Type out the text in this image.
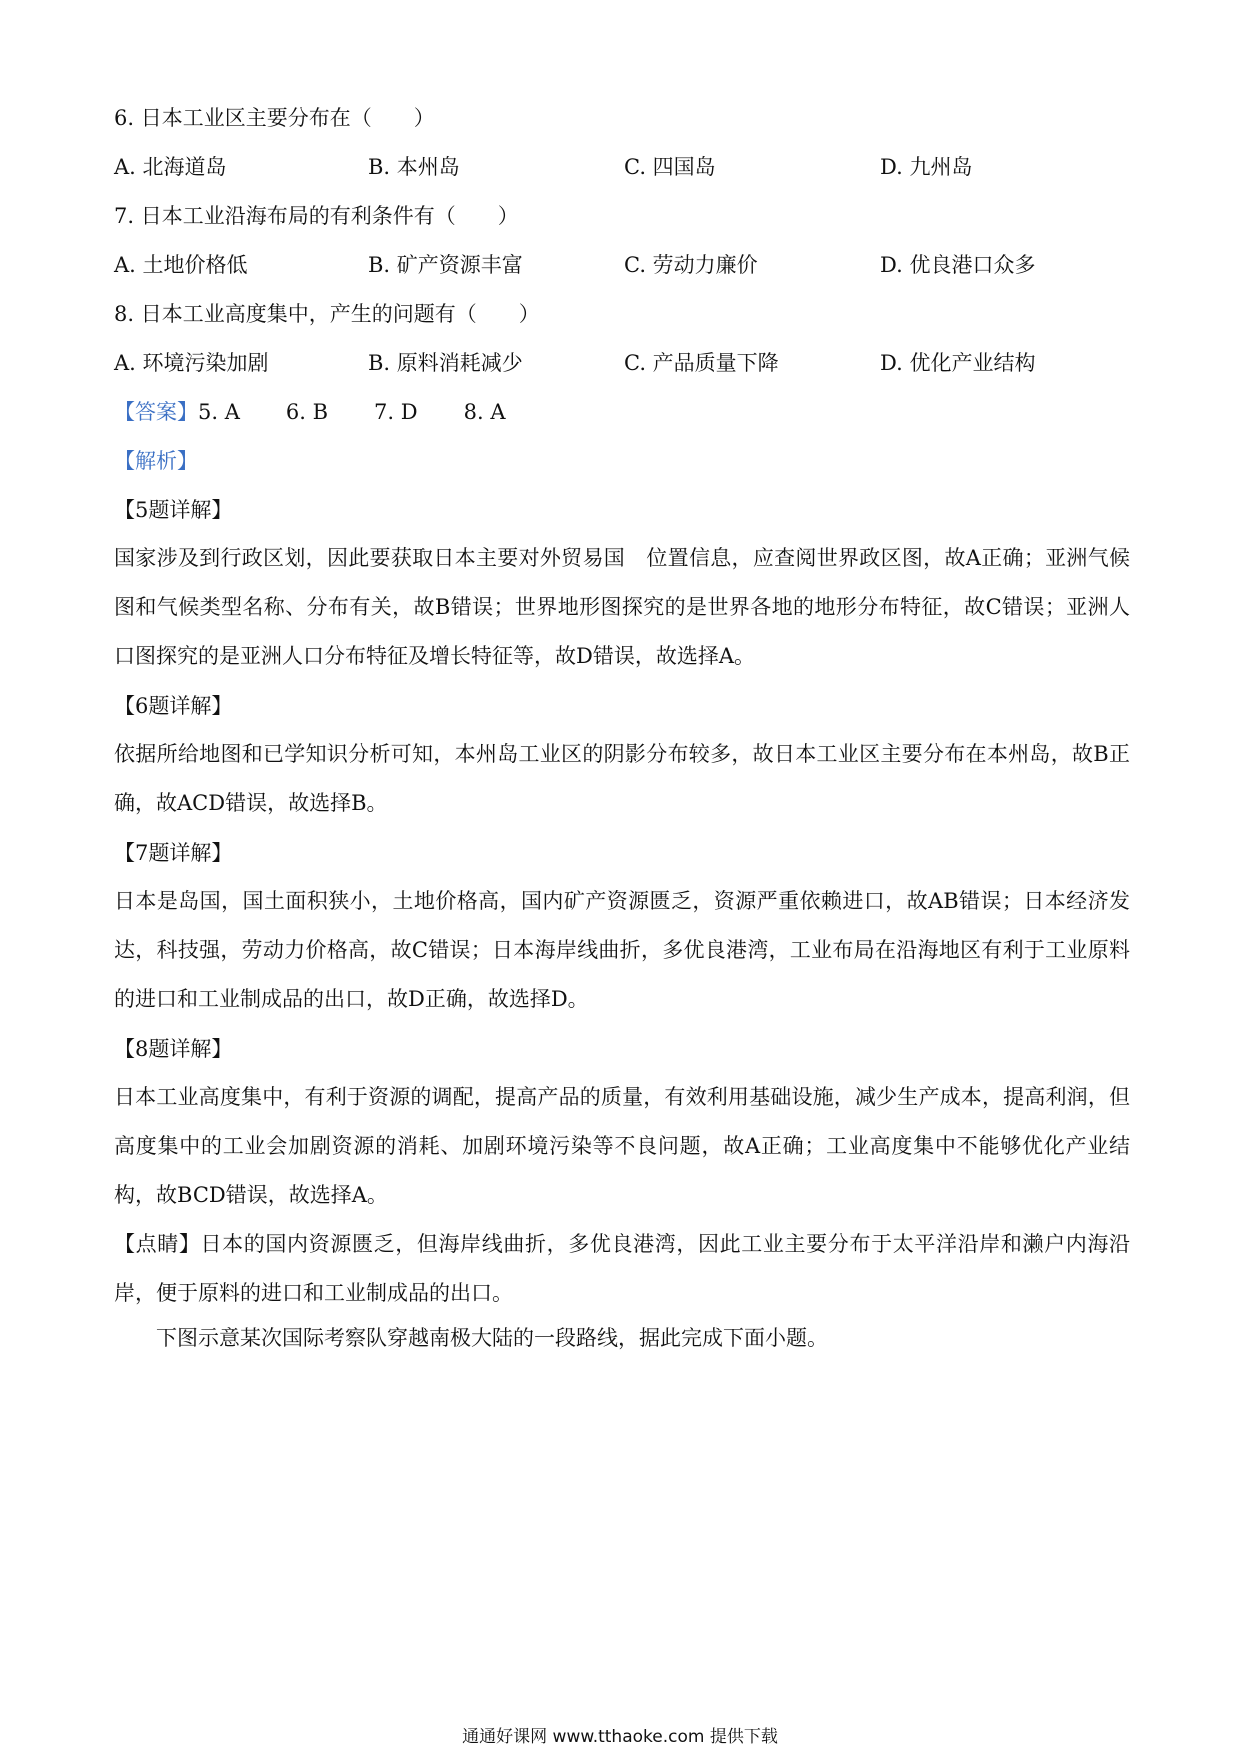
6. 日本工业区主要分布在（　　）
A. 北海道岛	B. 本州岛	C. 四国岛	D. 九州岛
7. 日本工业沿海布局的有利条件有（　　）
A. 土地价格低	B. 矿产资源丰富	C. 劳动力廉价	D. 优良港口众多
8. 日本工业高度集中，产生的问题有（　　）
A. 环境污染加剧	B. 原料消耗减少	C. 产品质量下降	D. 优化产业结构
【答案】5. A 6. B 7. D 8. A
【解析】
【5题详解】
国家涉及到行政区划，因此要获取日本主要对外贸易国　位置信息，应查阅世界政区图，故A正确；亚洲气候图和气候类型名称、分布有关，故B错误；世界地形图探究的是世界各地的地形分布特征，故C错误；亚洲人口图探究的是亚洲人口分布特征及增长特征等，故D错误，故选择A。
【6题详解】
依据所给地图和已学知识分析可知，本州岛工业区的阴影分布较多，故日本工业区主要分布在本州岛，故B正确，故ACD错误，故选择B。
【7题详解】
日本是岛国，国土面积狭小，土地价格高，国内矿产资源匮乏，资源严重依赖进口，故AB错误；日本经济发达，科技强，劳动力价格高，故C错误；日本海岸线曲折，多优良港湾，工业布局在沿海地区有利于工业原料的进口和工业制成品的出口，故D正确，故选择D。
【8题详解】
日本工业高度集中，有利于资源的调配，提高产品的质量，有效利用基础设施，减少生产成本，提高利润，但高度集中的工业会加剧资源的消耗、加剧环境污染等不良问题，故A正确；工业高度集中不能够优化产业结构，故BCD错误，故选择A。
【点睛】日本的国内资源匮乏，但海岸线曲折，多优良港湾，因此工业主要分布于太平洋沿岸和濑户内海沿岸，便于原料的进口和工业制成品的出口。
下图示意某次国际考察队穿越南极大陆的一段路线，据此完成下面小题。
通通好课网 www.tthaoke.com 提供下载
